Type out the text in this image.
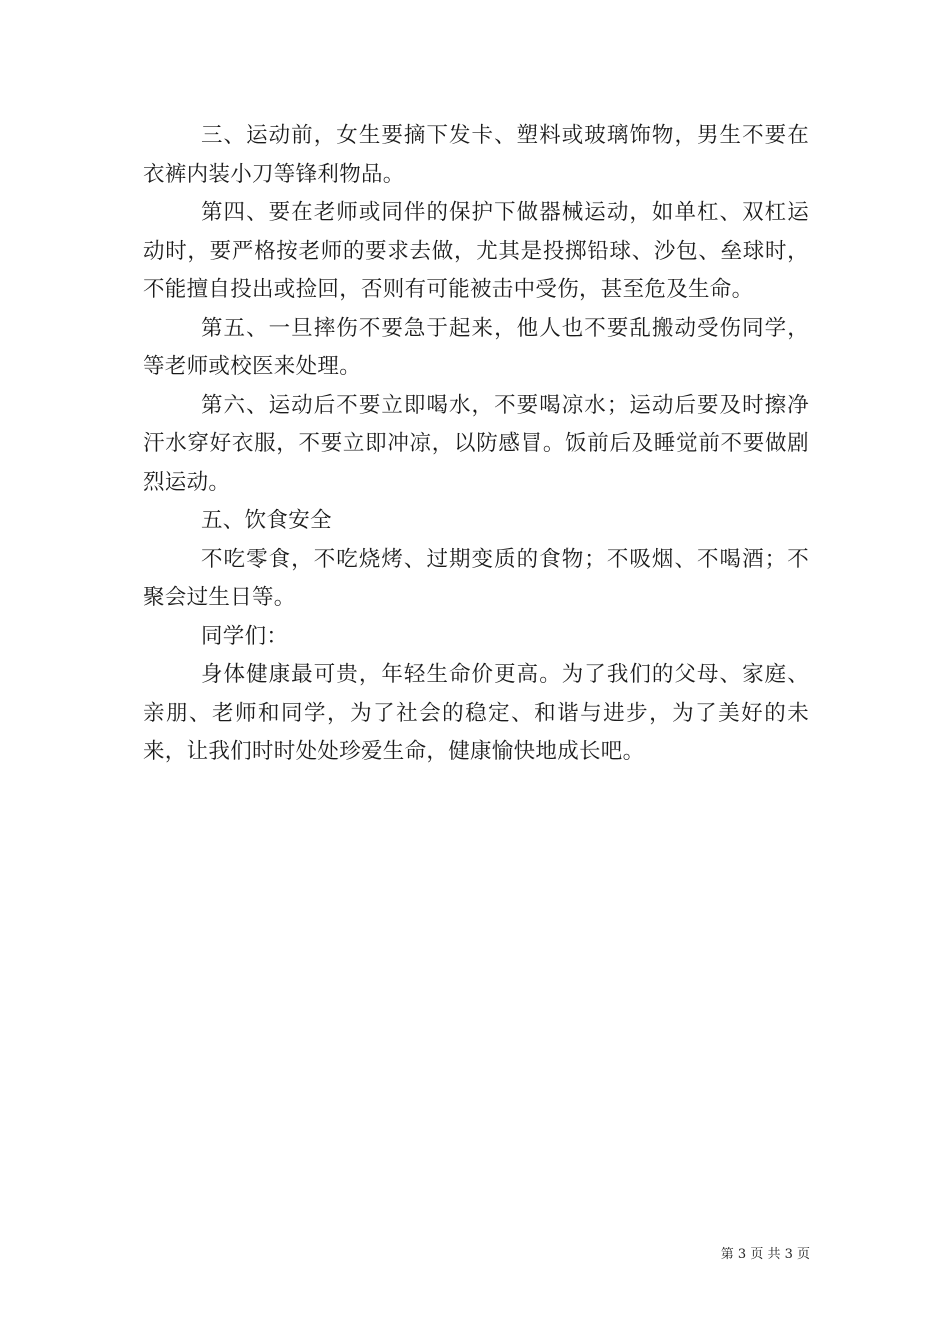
三、运动前，女生要摘下发卡、塑料或玻璃饰物，男生不要在衣裤内装小刀等锋利物品。

第四、要在老师或同伴的保护下做器械运动，如单杠、双杠运动时，要严格按老师的要求去做，尤其是投掷铅球、沙包、垒球时，不能擅自投出或捡回，否则有可能被击中受伤，甚至危及生命。

第五、一旦摔伤不要急于起来，他人也不要乱搬动受伤同学，等老师或校医来处理。

第六、运动后不要立即喝水，不要喝凉水；运动后要及时擦净汗水穿好衣服，不要立即冲凉，以防感冒。饭前后及睡觉前不要做剧烈运动。

五、饮食安全

不吃零食，不吃烧烤、过期变质的食物；不吸烟、不喝酒；不聚会过生日等。

同学们：

身体健康最可贵，年轻生命价更高。为了我们的父母、家庭、亲朋、老师和同学，为了社会的稳定、和谐与进步，为了美好的未来，让我们时时处处珍爱生命，健康愉快地成长吧。

第 3 页 共 3 页
